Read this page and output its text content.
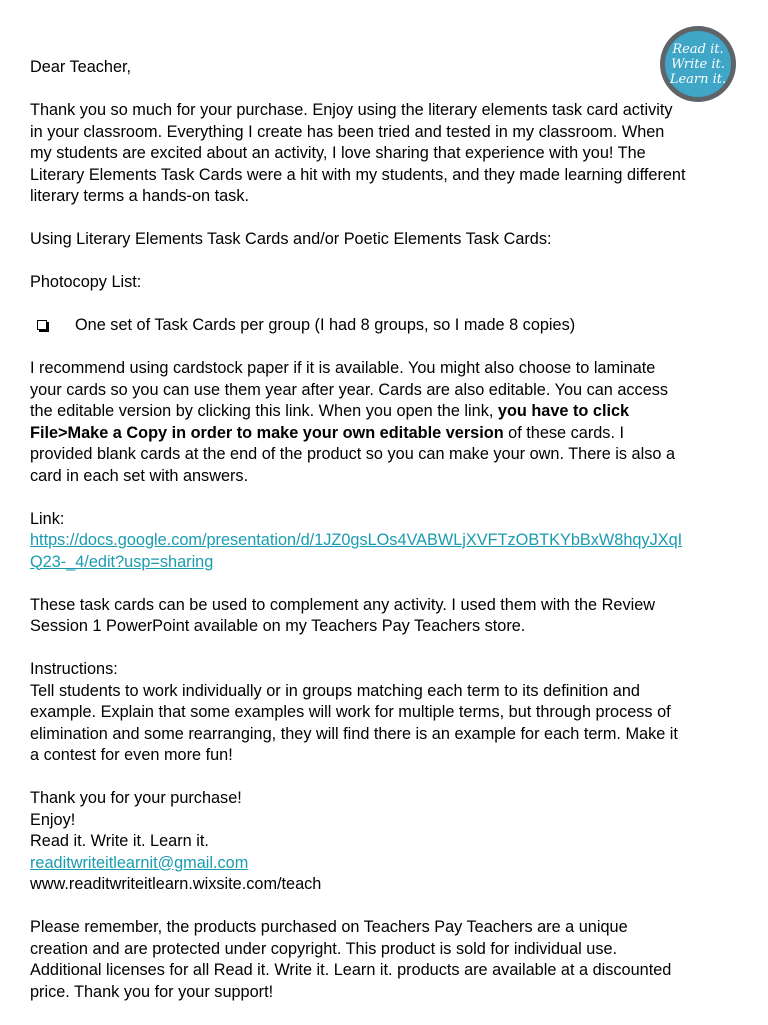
Read it.
Write it.
Learn it.
Dear Teacher,
Thank you so much for your purchase. Enjoy using the literary elements task card activity
in your classroom. Everything I create has been tried and tested in my classroom. When
my students are excited about an activity, I love sharing that experience with you! The
Literary Elements Task Cards were a hit with my students, and they made learning different
literary terms a hands-on task.
Using Literary Elements Task Cards and/or Poetic Elements Task Cards:
Photocopy List:
One set of Task Cards per group (I had 8 groups, so I made 8 copies)
I recommend using cardstock paper if it is available. You might also choose to laminate
your cards so you can use them year after year. Cards are also editable. You can access
the editable version by clicking this link. When you open the link, you have to click
File>Make a Copy in order to make your own editable version of these cards. I
provided blank cards at the end of the product so you can make your own. There is also a
card in each set with answers.
Link:
https://docs.google.com/presentation/d/1JZ0gsLOs4VABWLjXVFTzOBTKYbBxW8hqyJXqI
Q23-_4/edit?usp=sharing
These task cards can be used to complement any activity. I used them with the Review
Session 1 PowerPoint available on my Teachers Pay Teachers store.
Instructions:
Tell students to work individually or in groups matching each term to its definition and
example. Explain that some examples will work for multiple terms, but through process of
elimination and some rearranging, they will find there is an example for each term. Make it
a contest for even more fun!
Thank you for your purchase!
Enjoy!
Read it. Write it. Learn it.
readitwriteitlearnit@gmail.com
www.readitwriteitlearn.wixsite.com/teach
Please remember, the products purchased on Teachers Pay Teachers are a unique
creation and are protected under copyright. This product is sold for individual use.
Additional licenses for all Read it. Write it. Learn it. products are available at a discounted
price. Thank you for your support!
